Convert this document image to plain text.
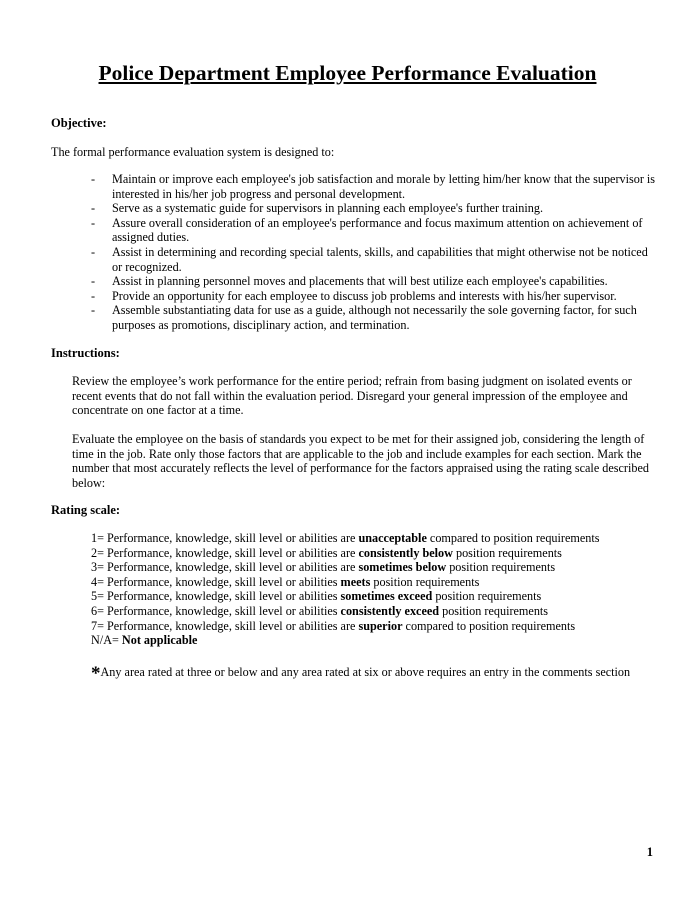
Police Department Employee Performance Evaluation
Objective:
The formal performance evaluation system is designed to:
- Maintain or improve each employee's job satisfaction and morale by letting him/her know that the supervisor is interested in his/her job progress and personal development.
- Serve as a systematic guide for supervisors in planning each employee's further training.
- Assure overall consideration of an employee's performance and focus maximum attention on achievement of assigned duties.
- Assist in determining and recording special talents, skills, and capabilities that might otherwise not be noticed or recognized.
- Assist in planning personnel moves and placements that will best utilize each employee's capabilities.
- Provide an opportunity for each employee to discuss job problems and interests with his/her supervisor.
- Assemble substantiating data for use as a guide, although not necessarily the sole governing factor, for such purposes as promotions, disciplinary action, and termination.
Instructions:
Review the employee’s work performance for the entire period; refrain from basing judgment on isolated events or recent events that do not fall within the evaluation period. Disregard your general impression of the employee and concentrate on one factor at a time.
Evaluate the employee on the basis of standards you expect to be met for their assigned job, considering the length of time in the job. Rate only those factors that are applicable to the job and include examples for each section. Mark the number that most accurately reflects the level of performance for the factors appraised using the rating scale described below:
Rating scale:
1= Performance, knowledge, skill level or abilities are unacceptable compared to position requirements
2= Performance, knowledge, skill level or abilities are consistently below position requirements
3= Performance, knowledge, skill level or abilities are sometimes below position requirements
4= Performance, knowledge, skill level or abilities meets position requirements
5= Performance, knowledge, skill level or abilities sometimes exceed position requirements
6= Performance, knowledge, skill level or abilities consistently exceed position requirements
7= Performance, knowledge, skill level or abilities are superior compared to position requirements
N/A= Not applicable
*Any area rated at three or below and any area rated at six or above requires an entry in the comments section
1
